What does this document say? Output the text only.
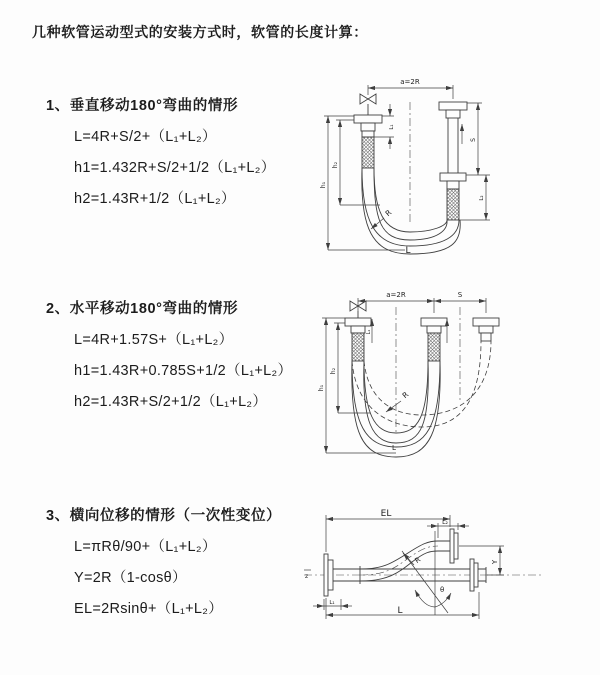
几种软管运动型式的安装方式时，软管的长度计算：
1、垂直移动180°弯曲的情形
L=4R+S/2+（L₁+L₂）
h1=1.432R+S/2+1/2（L₁+L₂）
h2=1.43R+1/2（L₁+L₂）
a=2R
h₁
h₂
L₁
S
L₂
R
L
2、水平移动180°弯曲的情形
L=4R+1.57S+（L₁+L₂）
h1=1.43R+0.785S+1/2（L₁+L₂）
h2=1.43R+S/2+1/2（L₁+L₂）
a=2R	S
L₁
h₁
h₂
R
L
3、横向位移的情形（一次性变位）
L=πRθ/90+（L₁+L₂）
Y=2R（1-cosθ）
EL=2Rsinθ+（L₁+L₂）
z
EL
L₂
Y
L
L₁
θ
R
